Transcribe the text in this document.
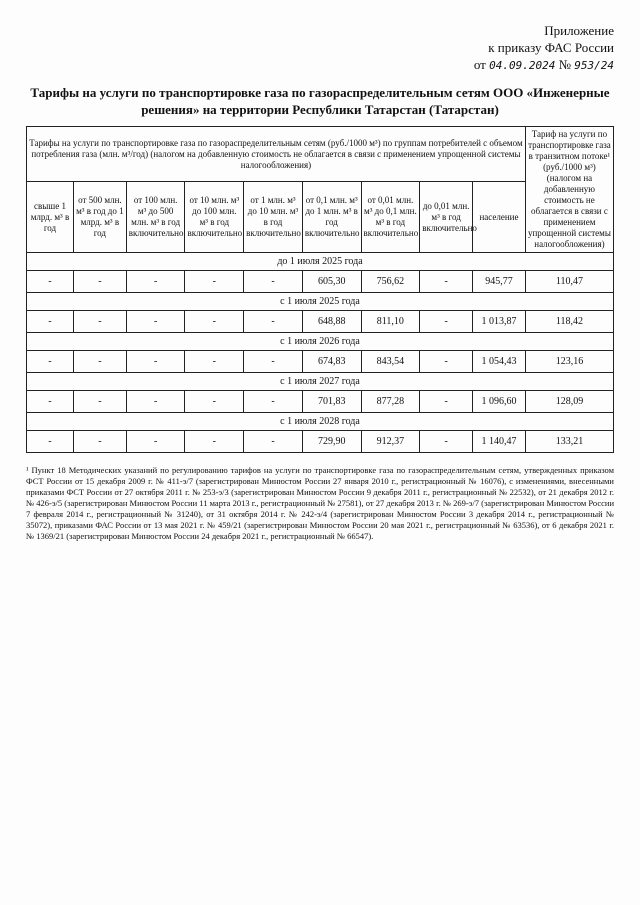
Приложение
к приказу ФАС России
от 04.09.2024 № 953/24
Тарифы на услуги по транспортировке газа по газораспределительным сетям ООО «Инженерные решения» на территории Республики Татарстан (Татарстан)
Тарифы на услуги по транспортировке газа по газораспределительным сетям (руб./1000 м³) по группам потребителей с объемом потребления газа (млн. м³/год) (налогом на добавленную стоимость не облагается в связи с применением упрощенной системы налогообложения)									Тариф на услуги по транспортировке газа в транзитном потоке¹ (руб./1000 м³) (налогом на добавленную стоимость не облагается в связи с применением упрощенной системы налогообложения)
свыше 1 млрд. м³ в год	от 500 млн. м³ в год до 1 млрд. м³ в год	от 100 млн. м³ до 500 млн. м³ в год включительно	от 10 млн. м³ до 100 млн. м³ в год включительно	от 1 млн. м³ до 10 млн. м³ в год включительно	от 0,1 млн. м³ до 1 млн. м³ в год включительно	от 0,01 млн. м³ до 0,1 млн. м³ в год включительно	до 0,01 млн. м³ в год включительно	население	
до 1 июля 2025 года									
-	-	-	-	-	605,30	756,62	-	945,77	110,47
с 1 июля 2025 года									
-	-	-	-	-	648,88	811,10	-	1 013,87	118,42
с 1 июля 2026 года									
-	-	-	-	-	674,83	843,54	-	1 054,43	123,16
с 1 июля 2027 года									
-	-	-	-	-	701,83	877,28	-	1 096,60	128,09
с 1 июля 2028 года									
-	-	-	-	-	729,90	912,37	-	1 140,47	133,21
¹ Пункт 18 Методических указаний по регулированию тарифов на услуги по транспортировке газа по газораспределительным сетям, утвержденных приказом ФСТ России от 15 декабря 2009 г. № 411-э/7 (зарегистрирован Минюстом России 27 января 2010 г., регистрационный № 16076), с изменениями, внесенными приказами ФСТ России от 27 октября 2011 г. № 253-э/3 (зарегистрирован Минюстом России 9 декабря 2011 г., регистрационный № 22532), от 21 декабря 2012 г. № 426-э/5 (зарегистрирован Минюстом России 11 марта 2013 г., регистрационный № 27581), от 27 декабря 2013 г. № 269-э/7 (зарегистрирован Минюстом России 7 февраля 2014 г., регистрационный № 31240), от 31 октября 2014 г. № 242-э/4 (зарегистрирован Минюстом России 3 декабря 2014 г., регистрационный № 35072), приказами ФАС России от 13 мая 2021 г. № 459/21 (зарегистрирован Минюстом России 20 мая 2021 г., регистрационный № 63536), от 6 декабря 2021 г. № 1369/21 (зарегистрирован Минюстом России 24 декабря 2021 г., регистрационный № 66547).
